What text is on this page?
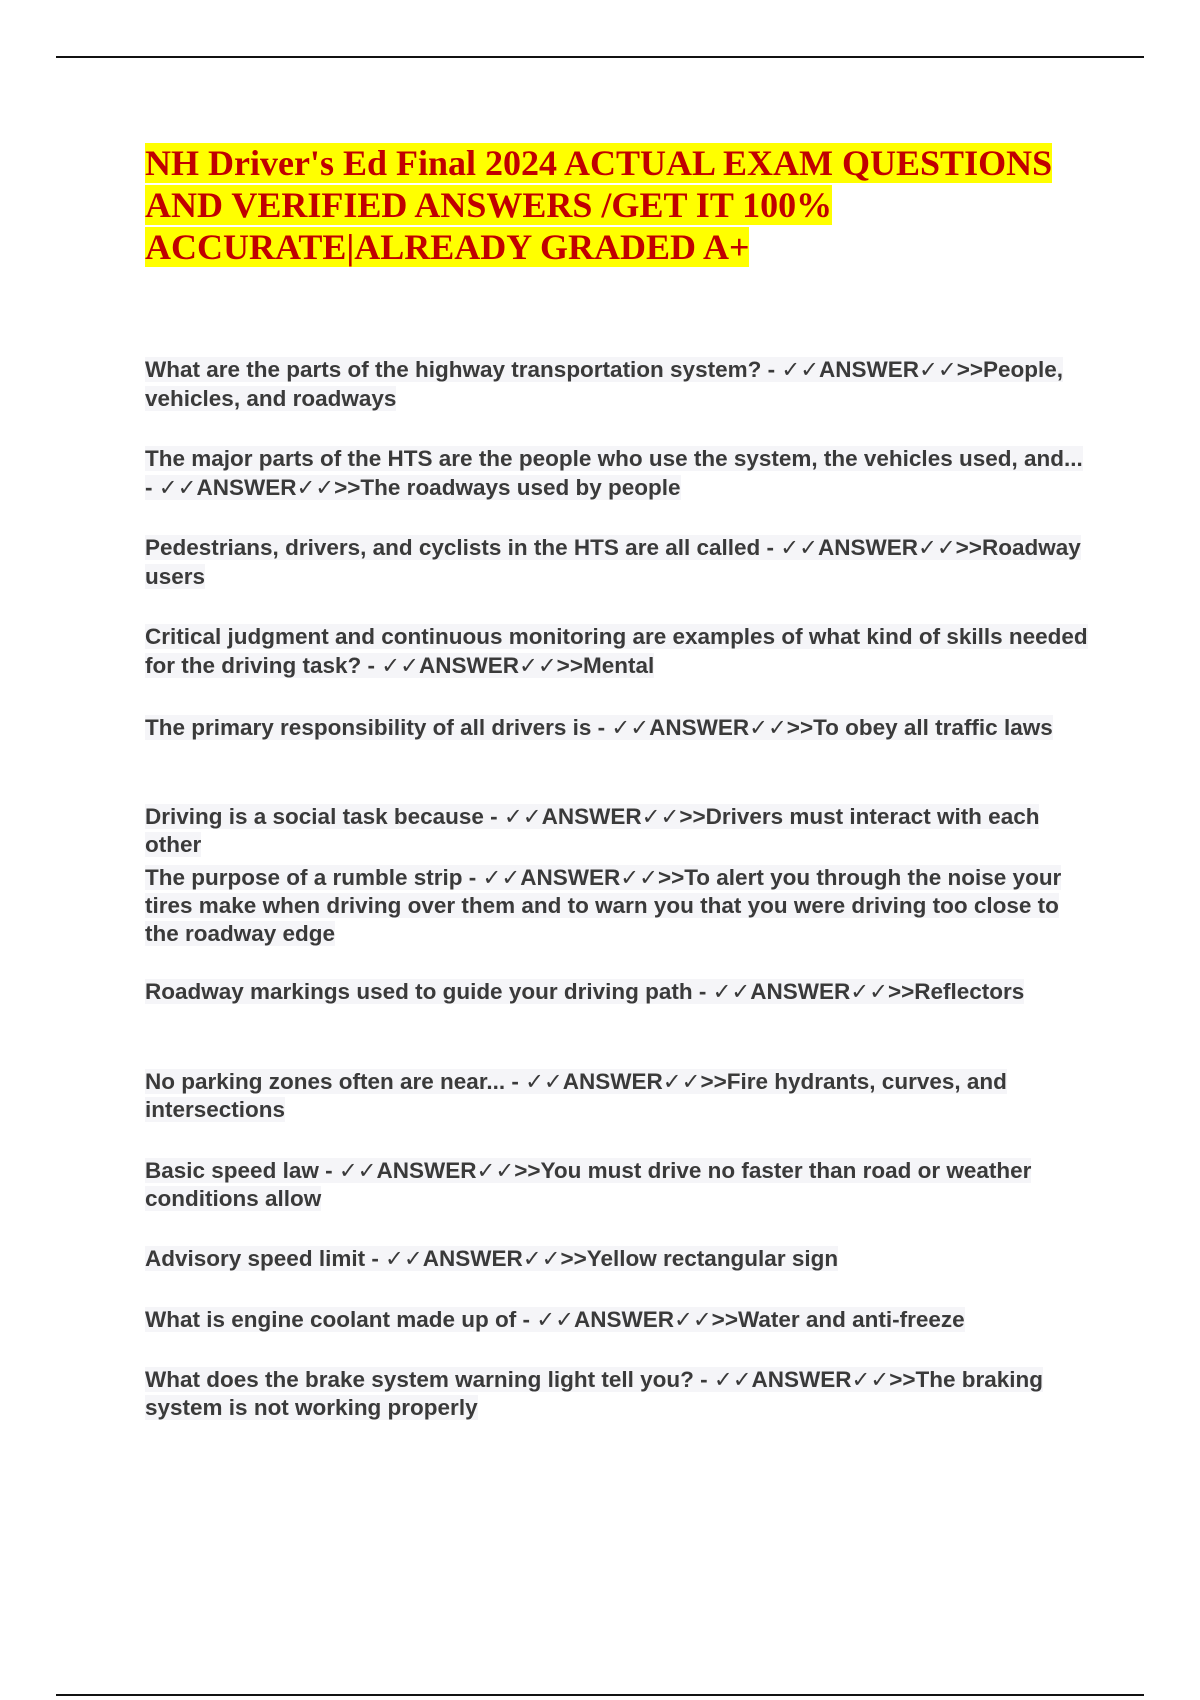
NH Driver's Ed Final 2024 ACTUAL EXAM QUESTIONS AND VERIFIED ANSWERS /GET IT 100% ACCURATE|ALREADY GRADED A+

What are the parts of the highway transportation system? - ✓✓ANSWER✓✓>>People, vehicles, and roadways

The major parts of the HTS are the people who use the system, the vehicles used, and... - ✓✓ANSWER✓✓>>The roadways used by people

Pedestrians, drivers, and cyclists in the HTS are all called - ✓✓ANSWER✓✓>>Roadway users

Critical judgment and continuous monitoring are examples of what kind of skills needed for the driving task? - ✓✓ANSWER✓✓>>Mental

The primary responsibility of all drivers is - ✓✓ANSWER✓✓>>To obey all traffic laws

Driving is a social task because - ✓✓ANSWER✓✓>>Drivers must interact with each other

The purpose of a rumble strip - ✓✓ANSWER✓✓>>To alert you through the noise your tires make when driving over them and to warn you that you were driving too close to the roadway edge

Roadway markings used to guide your driving path - ✓✓ANSWER✓✓>>Reflectors

No parking zones often are near... - ✓✓ANSWER✓✓>>Fire hydrants, curves, and intersections

Basic speed law - ✓✓ANSWER✓✓>>You must drive no faster than road or weather conditions allow

Advisory speed limit - ✓✓ANSWER✓✓>>Yellow rectangular sign

What is engine coolant made up of - ✓✓ANSWER✓✓>>Water and anti-freeze

What does the brake system warning light tell you? - ✓✓ANSWER✓✓>>The braking system is not working properly
